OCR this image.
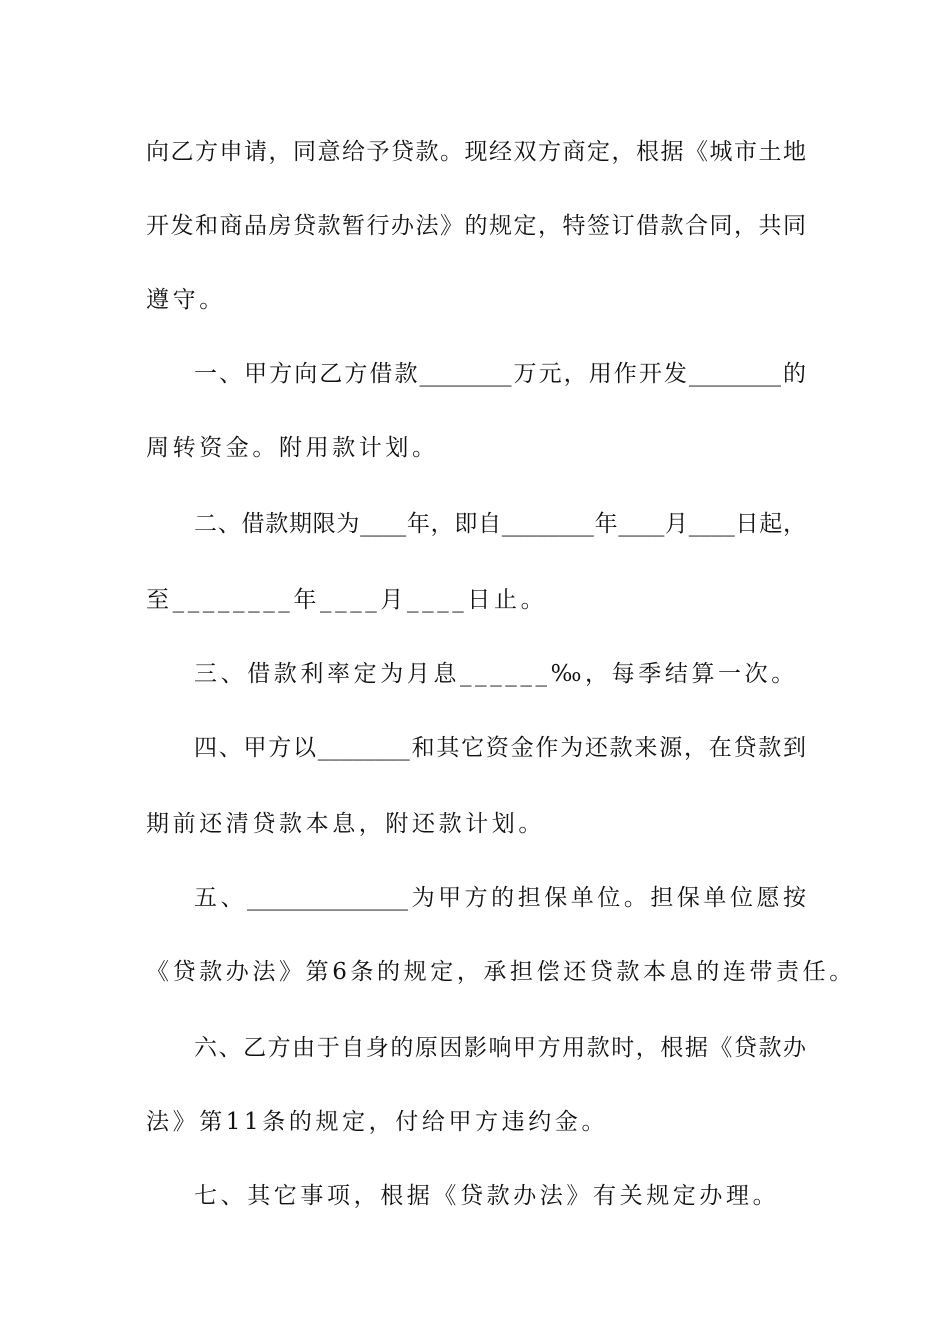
向乙方申请，同意给予贷款。现经双方商定，根据《城市土地
开发和商品房贷款暂行办法》的规定，特签订借款合同，共同
遵守。
一、甲方向乙方借款________万元，用作开发________的
周转资金。附用款计划。
二、借款期限为____年，即自________年____月____日起，
至________年____月____日止。
三、借款利率定为月息______‰，每季结算一次。
四、甲方以________和其它资金作为还款来源，在贷款到
期前还清贷款本息，附还款计划。
五、______________为甲方的担保单位。担保单位愿按
《贷款办法》第6条的规定，承担偿还贷款本息的连带责任。
六、乙方由于自身的原因影响甲方用款时，根据《贷款办
法》第11条的规定，付给甲方违约金。
七、其它事项，根据《贷款办法》有关规定办理。
